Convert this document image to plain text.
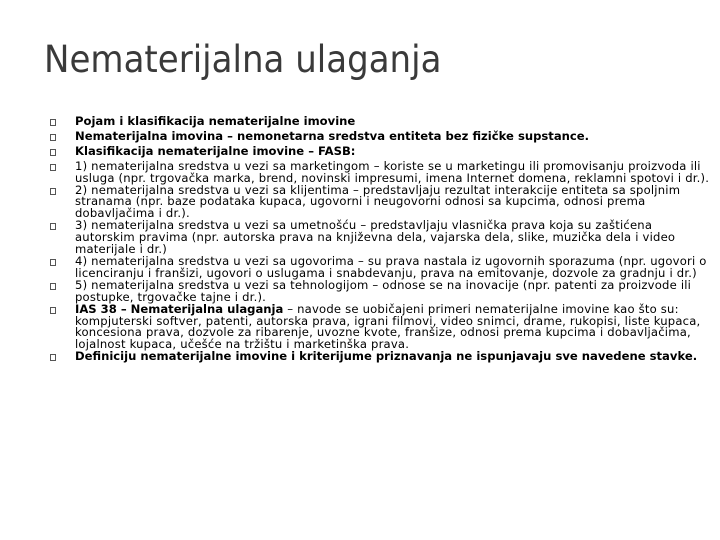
Nematerijalna ulaganja
Pojam i klasifikacija nematerijalne imovine
Nematerijalna imovina – nemonetarna sredstva entiteta bez fizičke supstance.
Klasifikacija nematerijalne imovine – FASB:
1) nematerijalna sredstva u vezi sa marketingom – koriste se u marketingu ili promovisanju proizvoda ili usluga (npr. trgovačka marka, brend, novinski impresumi, imena Internet domena, reklamni spotovi i dr.).
2) nematerijalna sredstva u vezi sa klijentima – predstavljaju rezultat interakcije entiteta sa spoljnim stranama (npr. baze podataka kupaca, ugovorni i neugovorni odnosi sa kupcima, odnosi prema dobavljačima i dr.).
3) nematerijalna sredstva u vezi sa umetnošću – predstavljaju vlasnička prava koja su zaštićena autorskim pravima (npr. autorska prava na književna dela, vajarska dela, slike, muzička dela i video materijale i dr.)
4) nematerijalna sredstva u vezi sa ugovorima – su prava nastala iz ugovornih sporazuma (npr. ugovori o licenciranju i franšizi, ugovori o uslugama i snabdevanju, prava na emitovanje, dozvole za gradnju i dr.)
5) nematerijalna sredstva u vezi sa tehnologijom – odnose se na inovacije (npr. patenti za proizvode ili postupke, trgovačke tajne i dr.).
IAS 38 – Nematerijalna ulaganja – navode se uobičajeni primeri nematerijalne imovine kao što su: kompjuterski softver, patenti, autorska prava, igrani filmovi, video snimci, drame, rukopisi, liste kupaca, koncesiona prava, dozvole za ribarenje, uvozne kvote, franšize, odnosi prema kupcima i dobavljačima, lojalnost kupaca, učešće na tržištu i marketinška prava.
Definiciju nematerijalne imovine i kriterijume priznavanja ne ispunjavaju sve navedene stavke.
